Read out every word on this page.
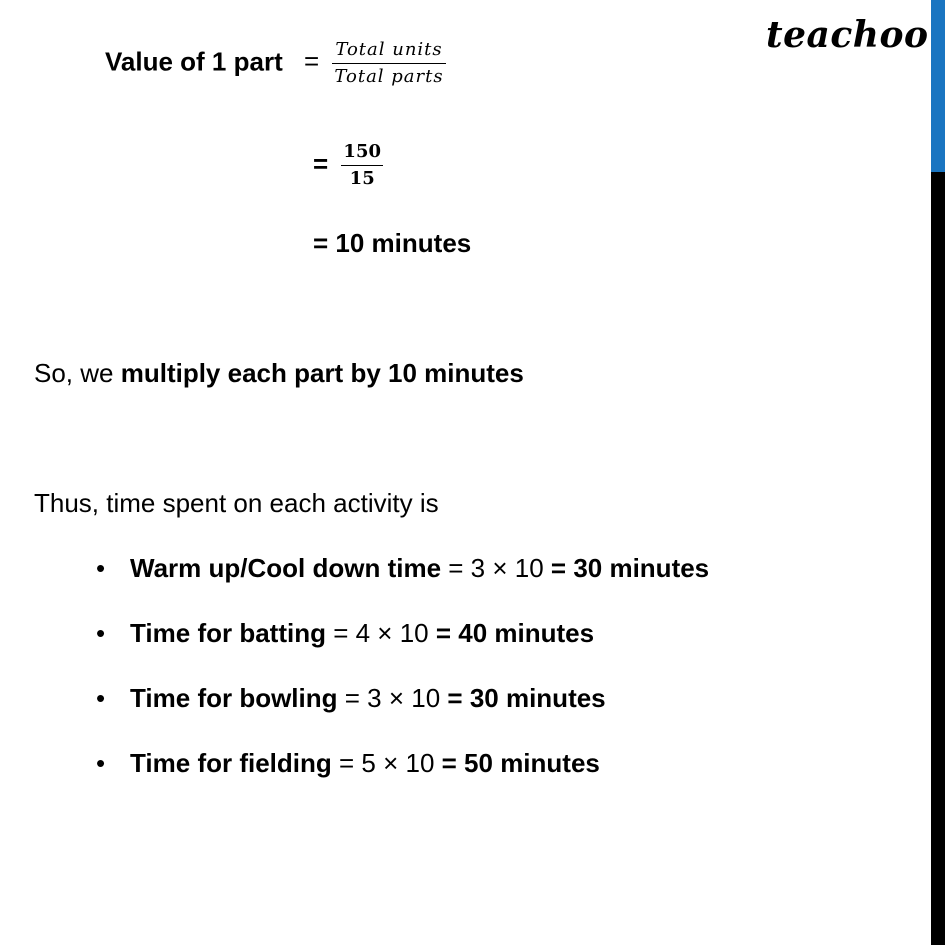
teachoo
Value of 1 part = $\frac{\text{Total units}}{\text{Total parts}}$
= $\frac{150}{15}$
= 10 minutes
So, we multiply each part by 10 minutes
Thus, time spent on each activity is
• Warm up/Cool down time = 3 × 10 = 30 minutes
• Time for batting = 4 × 10 = 40 minutes
• Time for bowling = 3 × 10 = 30 minutes
• Time for fielding = 5 × 10 = 50 minutes
